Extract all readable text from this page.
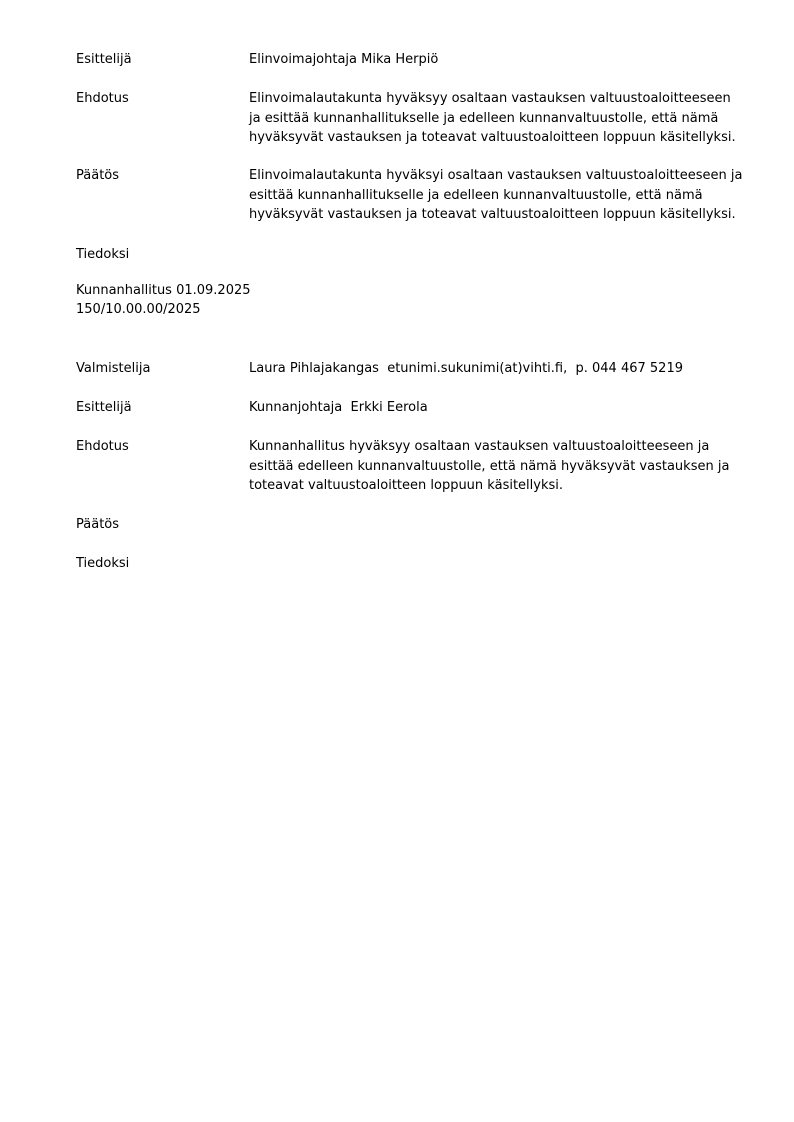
Esittelijä	Elinvoimajohtaja Mika Herpiö
Ehdotus	Elinvoimalautakunta hyväksyy osaltaan vastauksen valtuustoaloitteeseen
ja esittää kunnanhallitukselle ja edelleen kunnanvaltuustolle, että nämä
hyväksyvät vastauksen ja toteavat valtuustoaloitteen loppuun käsitellyksi.
Päätös	Elinvoimalautakunta hyväksyi osaltaan vastauksen valtuustoaloitteeseen ja
esittää kunnanhallitukselle ja edelleen kunnanvaltuustolle, että nämä
hyväksyvät vastauksen ja toteavat valtuustoaloitteen loppuun käsitellyksi.
Tiedoksi
Kunnanhallitus 01.09.2025
150/10.00.00/2025
Valmistelija	Laura Pihlajakangas  etunimi.sukunimi(at)vihti.fi,  p. 044 467 5219
Esittelijä	Kunnanjohtaja  Erkki Eerola
Ehdotus	Kunnanhallitus hyväksyy osaltaan vastauksen valtuustoaloitteeseen ja
esittää edelleen kunnanvaltuustolle, että nämä hyväksyvät vastauksen ja
toteavat valtuustoaloitteen loppuun käsitellyksi.
Päätös
Tiedoksi
